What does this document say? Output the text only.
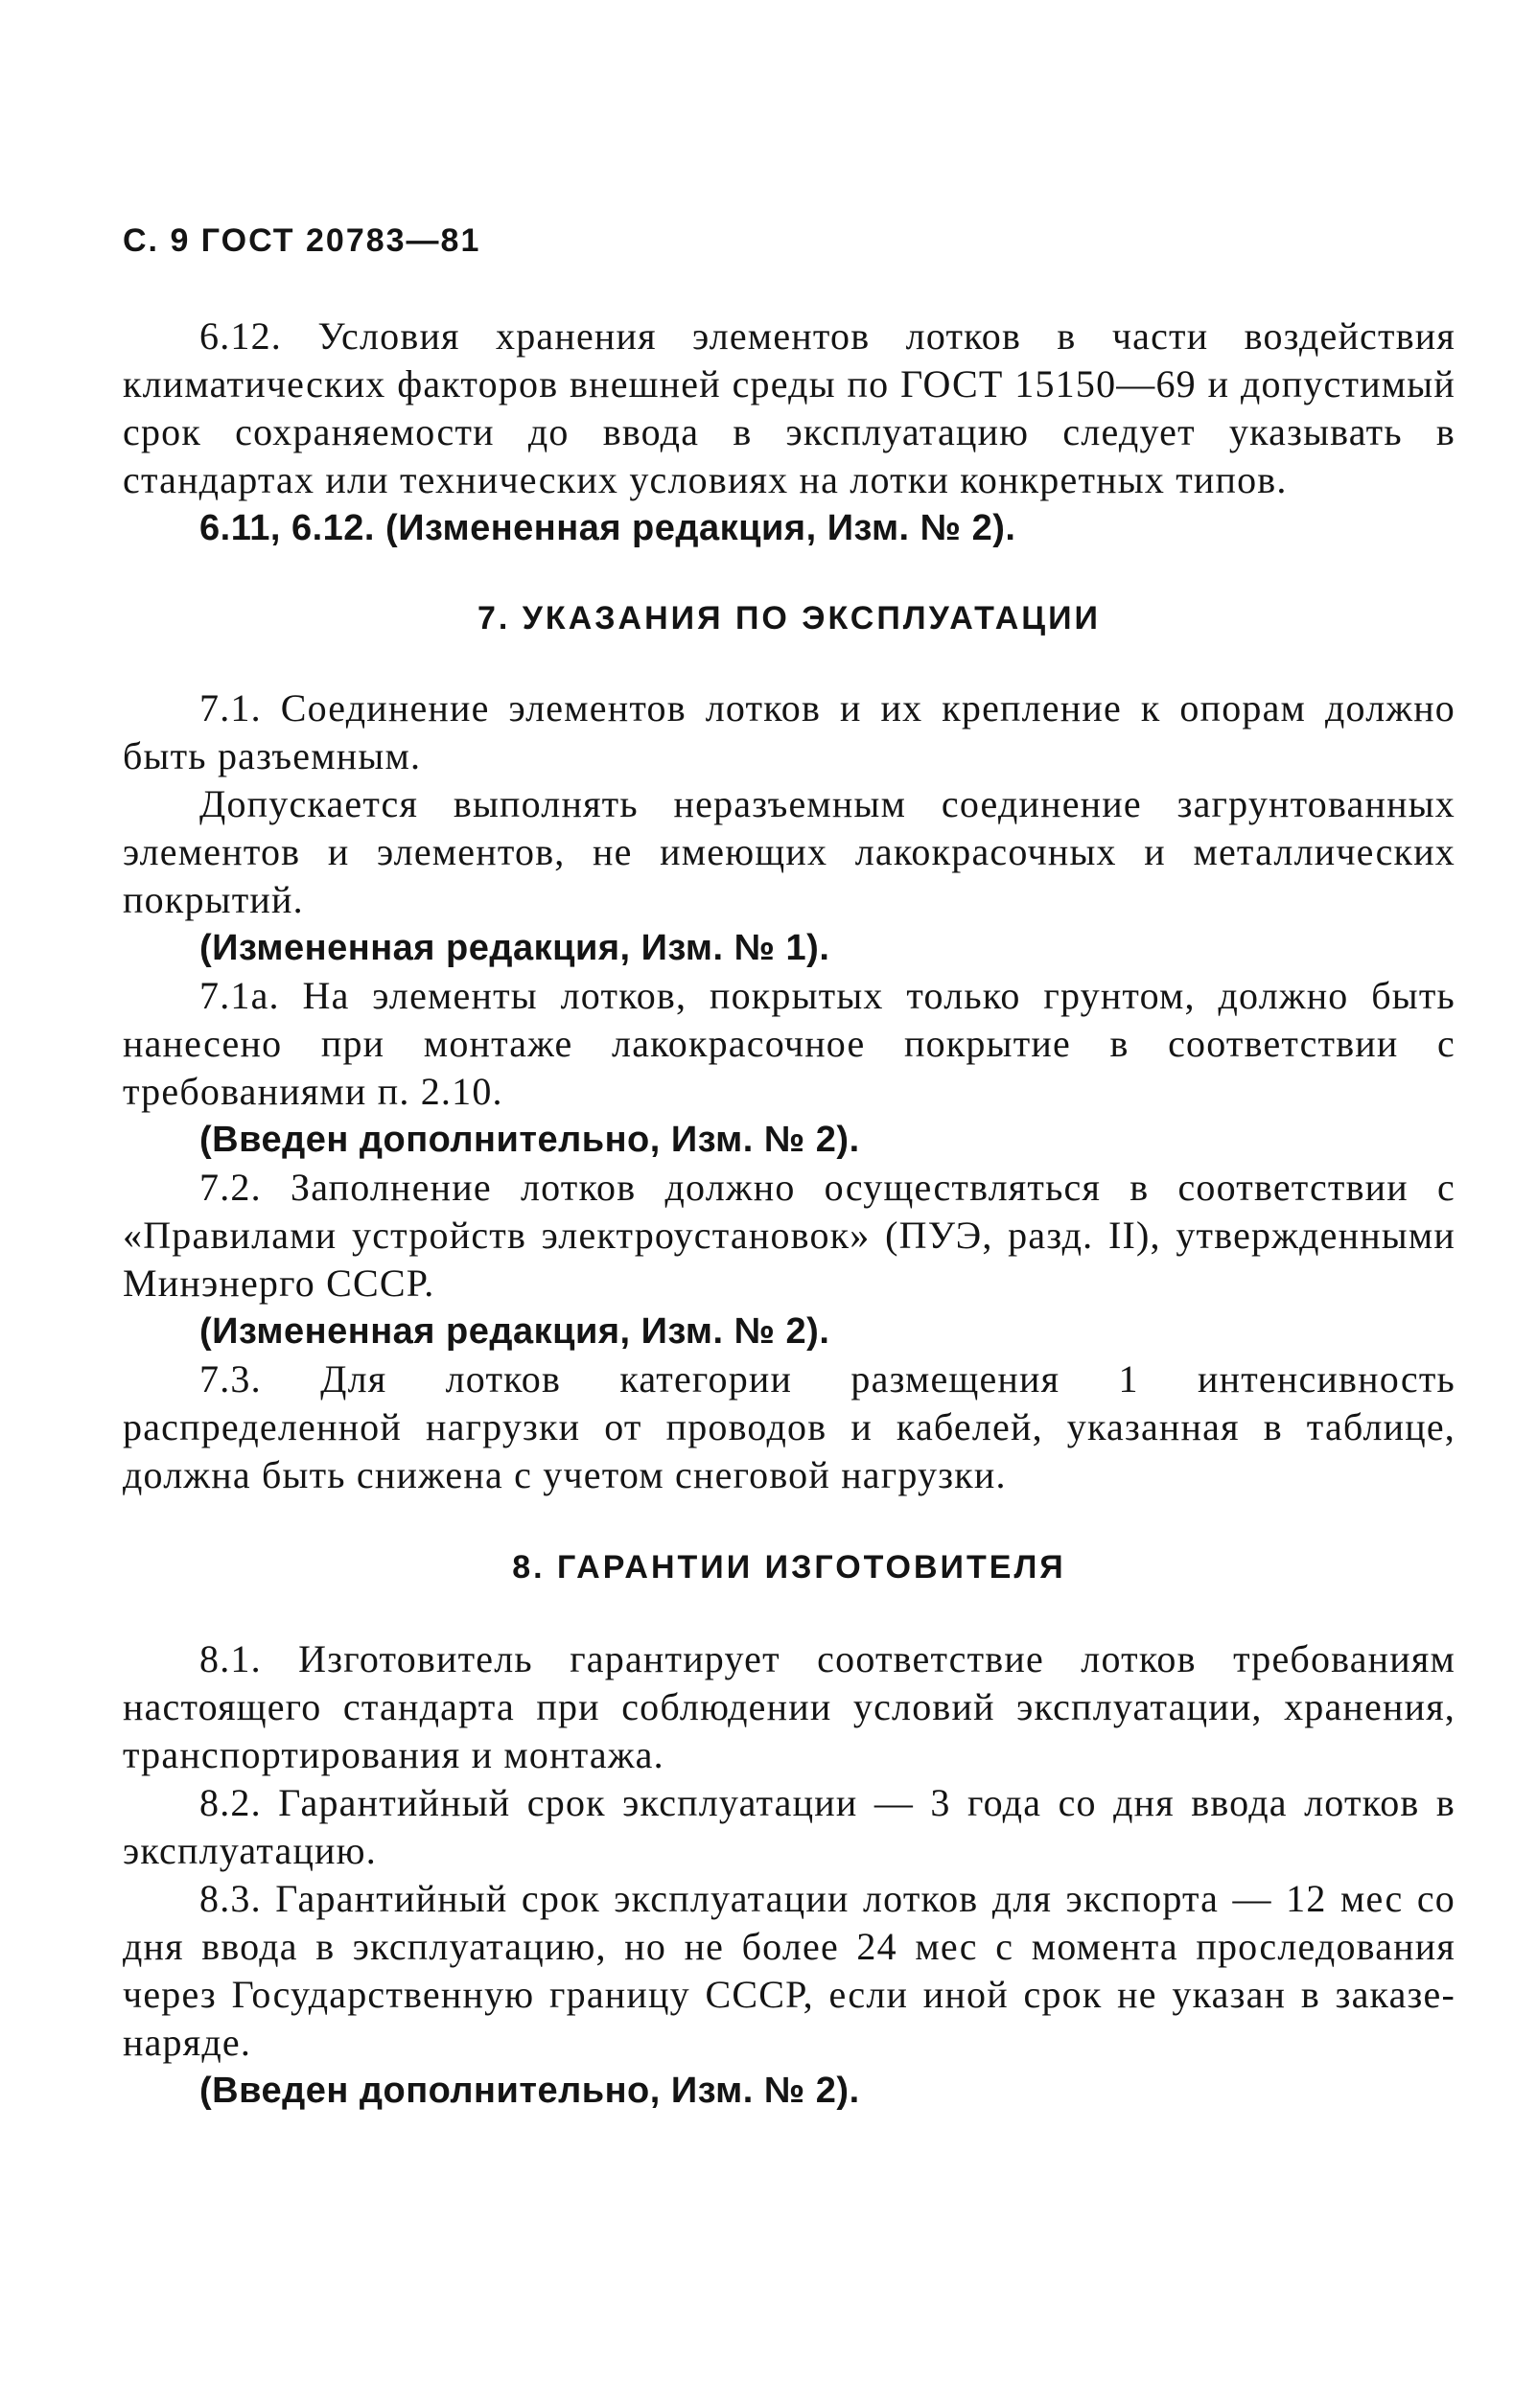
С. 9 ГОСТ 20783—81

6.12. Условия хранения элементов лотков в части воздействия климатических факторов внешней среды по ГОСТ 15150—69 и допустимый срок сохраняемости до ввода в эксплуатацию следует указывать в стандартах или технических условиях на лотки конкретных типов.

6.11, 6.12. (Измененная редакция, Изм. № 2).

7. УКАЗАНИЯ ПО ЭКСПЛУАТАЦИИ

7.1. Соединение элементов лотков и их крепление к опорам должно быть разъемным.

Допускается выполнять неразъемным соединение загрунтованных элементов и элементов, не имеющих лакокрасочных и металлических покрытий.

(Измененная редакция, Изм. № 1).

7.1а. На элементы лотков, покрытых только грунтом, должно быть нанесено при монтаже лакокрасочное покрытие в соответствии с требованиями п. 2.10.

(Введен дополнительно, Изм. № 2).

7.2. Заполнение лотков должно осуществляться в соответствии с «Правилами устройств электроустановок» (ПУЭ, разд. II), утвержденными Минэнерго СССР.

(Измененная редакция, Изм. № 2).

7.3. Для лотков категории размещения 1 интенсивность распределенной нагрузки от проводов и кабелей, указанная в таблице, должна быть снижена с учетом снеговой нагрузки.

8. ГАРАНТИИ ИЗГОТОВИТЕЛЯ

8.1. Изготовитель гарантирует соответствие лотков требованиям настоящего стандарта при соблюдении условий эксплуатации, хранения, транспортирования и монтажа.

8.2. Гарантийный срок эксплуатации — 3 года со дня ввода лотков в эксплуатацию.

8.3. Гарантийный срок эксплуатации лотков для экспорта — 12 мес со дня ввода в эксплуатацию, но не более 24 мес с момента проследования через Государственную границу СССР, если иной срок не указан в заказе-наряде.

(Введен дополнительно, Изм. № 2).
